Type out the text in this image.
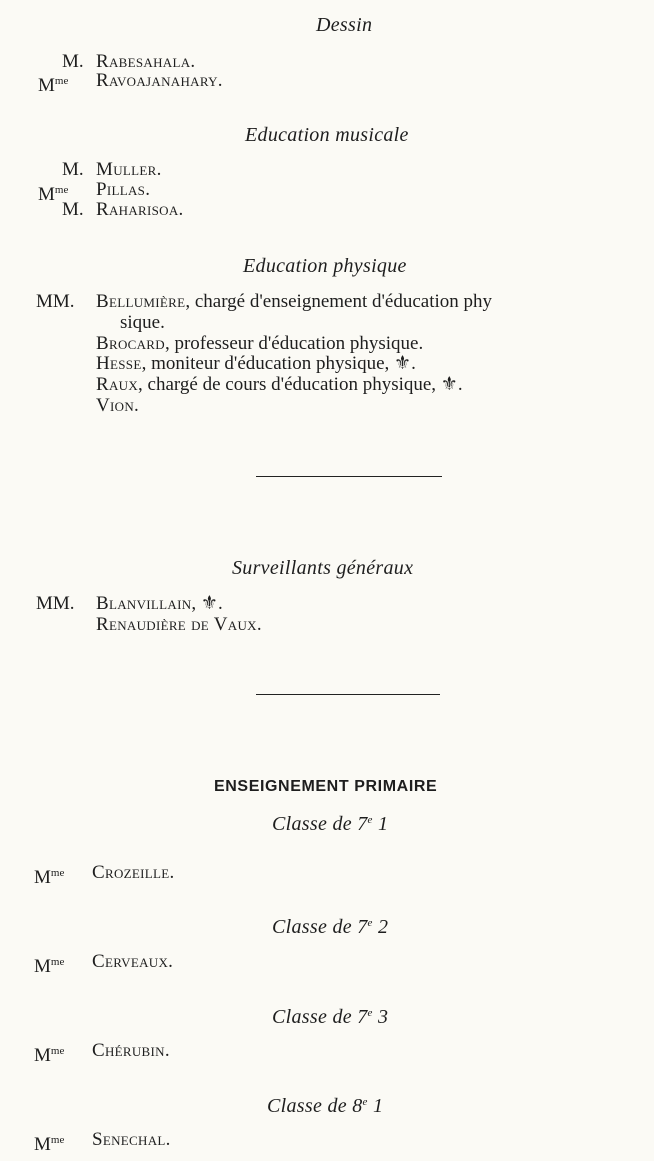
Dessin
M. Rabesahala.
$M^{me}$ Ravoajanahary.
Education musicale
M. Muller.
$M^{me}$ Pillas.
M. Raharisoa.
Education physique
MM. Bellumière, chargé d'enseignement d'éducation phy
sique.
Brocard, professeur d'éducation physique.
Hesse, moniteur d'éducation physique, ⚜.
Raux, chargé de cours d'éducation physique, ⚜.
Vion.
Surveillants généraux
MM. Blanvillain, ⚜.
Renaudière de Vaux.
ENSEIGNEMENT PRIMAIRE
Classe de 7e 1
$M^{me}$ Crozeille.
Classe de 7e 2
$M^{me}$ Cerveaux.
Classe de 7e 3
$M^{me}$ Chérubin.
Classe de 8e 1
$M^{me}$ Senechal.
